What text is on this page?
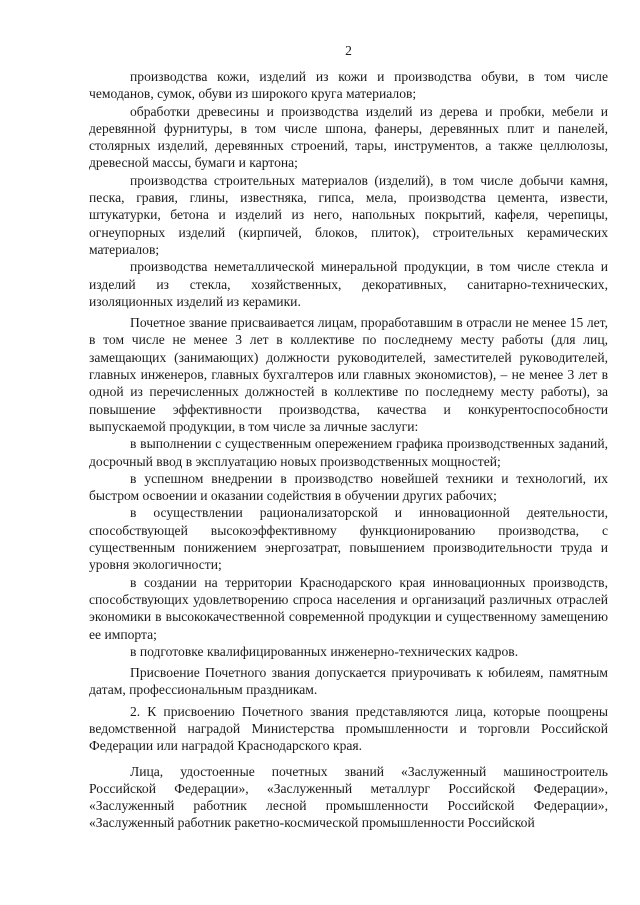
2

производства кожи, изделий из кожи и производства обуви, в том числе чемоданов, сумок, обуви из широкого круга материалов;

обработки древесины и производства изделий из дерева и пробки, мебели и деревянной фурнитуры, в том числе шпона, фанеры, деревянных плит и панелей, столярных изделий, деревянных строений, тары, инструментов, а также целлюлозы, древесной массы, бумаги и картона;

производства строительных материалов (изделий), в том числе добычи камня, песка, гравия, глины, известняка, гипса, мела, производства цемента, извести, штукатурки, бетона и изделий из него, напольных покрытий, кафеля, черепицы, огнеупорных изделий (кирпичей, блоков, плиток), строительных керамических материалов;

производства неметаллической минеральной продукции, в том числе стекла и изделий из стекла, хозяйственных, декоративных, санитарно-технических, изоляционных изделий из керамики.

Почетное звание присваивается лицам, проработавшим в отрасли не менее 15 лет, в том числе не менее 3 лет в коллективе по последнему месту работы (для лиц, замещающих (занимающих) должности руководителей, заместителей руководителей, главных инженеров, главных бухгалтеров или главных экономистов), – не менее 3 лет в одной из перечисленных должностей в коллективе по последнему месту работы), за повышение эффективности производства, качества и конкурентоспособности выпускаемой продукции, в том числе за личные заслуги:

в выполнении с существенным опережением графика производственных заданий, досрочный ввод в эксплуатацию новых производственных мощностей;

в успешном внедрении в производство новейшей техники и технологий, их быстром освоении и оказании содействия в обучении других рабочих;

в осуществлении рационализаторской и инновационной деятельности, способствующей высокоэффективному функционированию производства, с существенным понижением энергозатрат, повышением производительности труда и уровня экологичности;

в создании на территории Краснодарского края инновационных производств, способствующих удовлетворению спроса населения и организаций различных отраслей экономики в высококачественной современной продукции и существенному замещению ее импорта;

в подготовке квалифицированных инженерно-технических кадров.

Присвоение Почетного звания допускается приурочивать к юбилеям, памятным датам, профессиональным праздникам.

2. К присвоению Почетного звания представляются лица, которые поощрены ведомственной наградой Министерства промышленности и торговли Российской Федерации или наградой Краснодарского края.

Лица, удостоенные почетных званий «Заслуженный машиностроитель Российской Федерации», «Заслуженный металлург Российской Федерации», «Заслуженный работник лесной промышленности Российской Федерации», «Заслуженный работник ракетно-космической промышленности Российской
